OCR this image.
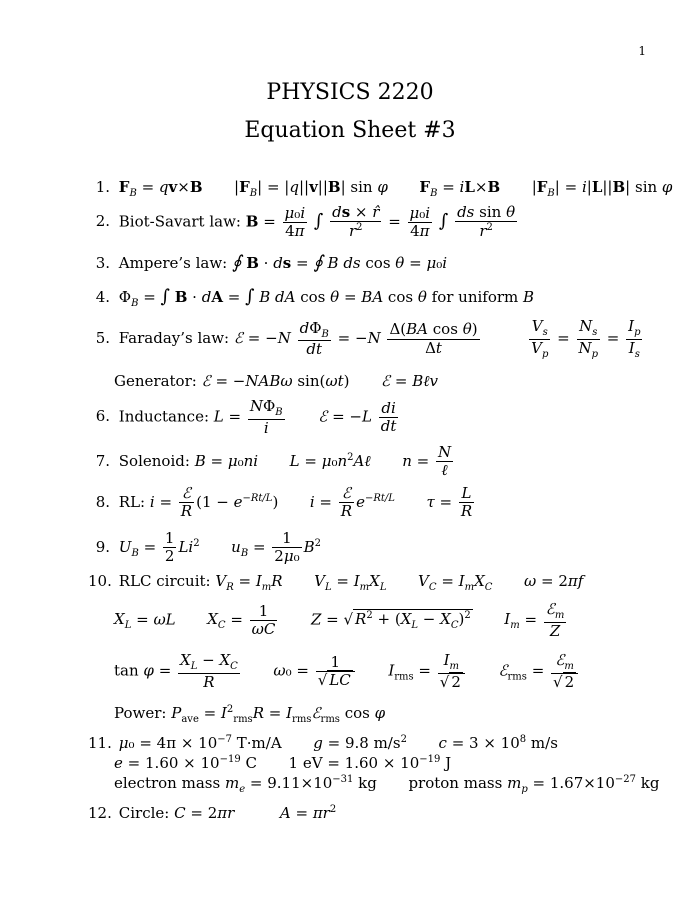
1
PHYSICS 2220
Equation Sheet #3
1. $F_B = qv\times B$  $|F_B| = |q||v||B|$ sin φ $F_B = iL\times B$  $|F_B| = i|L||B|$ sin φ
2. Biot-Savart law: $B = \frac{\text{μ₀i}}{4\pi}$ ∫ $\frac{ds \times r̂}{r^2} = \frac{\text{μ₀i}}{4\pi}$ ∫ $\frac{\text{ds sin θ}}{r^2}$
3. Ampere’s law: ∮ B · ds = ∮ B ds cos θ = μ₀i
4. $\Phi_B$ = ∫ B · dA = ∫ B dA cos θ = BA cos θ for uniform B
5. Faraday’s law: ℰ = $-N \frac{d\Phi_B}{dt} = -N \frac{\text{Δ(BA cos θ)}}{\Delta t}$
	$\frac{V_s}{V_p} = \frac{N_s}{N_p} = \frac{I_p}{I_s}$
Generator: ℰ = −NABω sin(ωt)  ℰ = Bℓv
6. Inductance: $L = \frac{N\Phi_B}{i}$ ℰ = $-L \frac{di}{dt}$
7. Solenoid: B = μ₀ni $L = \mu_0n^2A\ell$ $n = \frac{N}{\text{ℓ}}$
8. RL: $i = \frac{\text{ℰ}}{R} (1 - e^{-Rt/L}) i = \frac{\text{ℰ}}{R} e^{-Rt/L}$ $\tau = \frac{L}{R}$
9. $U_B = \frac{1}{2} Li^2$ $u_B = \frac{1}{\text{2μ₀}} B^2$
10. RLC circuit: $V_R = I_mR$ $V_L = I_mX_L$ $V_C = I_mX_C$ ω = 2πf
$X_L = \omega L$ $X_C = \frac{1}{\omega C}$ Z = √ $R^2 + (X_L - X_C)^2$ $I_m = \frac{ℰ_m}{Z}$
$\tan \varphi = \frac{X_L - X_C}{R} \omega_0 = \frac{1}{√ LC} I_{rms} = \frac{I_m}{√ 2}$ ℰ$_{rms}$ = $\frac{ℰ_m}{√ 2}$
Power: $P_{ave} = I^2_{rms}R$ = $I_{rms}ℰ_{rms}$ cos φ
11. $\mu_0 = 4\pi \times 10^{-7}$ T·m/A g = 9.8 $m/s^2$ $c = 3 \times 10^8$ m/s
$e = 1.60 \times 10^{-19}$ C 1 eV = $1.60 \times 10^{-19}$ J
electron mass $m_e = 9.11\times 10^{-31}$ kg proton mass $m_p = 1.67\times 10^{-27}$ kg
12. Circle: C = 2πr	$A = \pi r^2$
